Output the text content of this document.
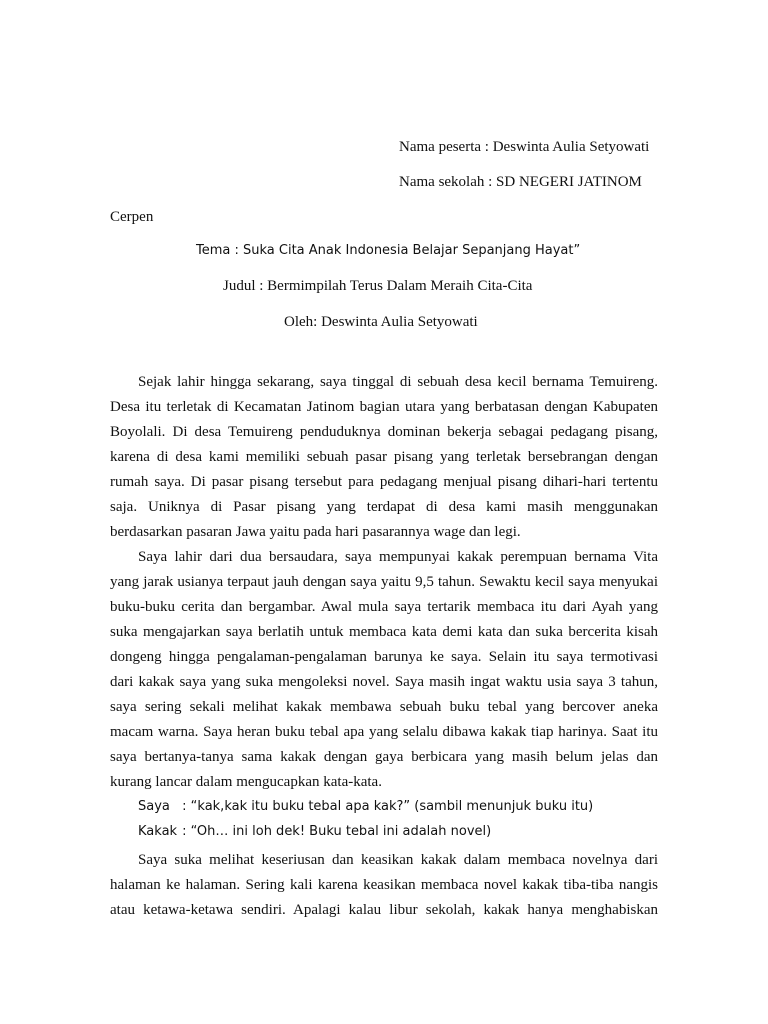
Nama peserta : Deswinta Aulia Setyowati
Nama sekolah : SD NEGERI JATINOM
Cerpen
Tema : Suka Cita Anak Indonesia Belajar Sepanjang Hayat”
Judul : Bermimpilah Terus Dalam Meraih Cita-Cita
Oleh: Deswinta Aulia Setyowati
Sejak lahir hingga sekarang, saya tinggal di sebuah desa kecil bernama Temuireng.
Desa itu terletak di Kecamatan Jatinom bagian utara yang berbatasan dengan Kabupaten
Boyolali. Di desa Temuireng penduduknya dominan bekerja sebagai pedagang pisang,
karena di desa kami memiliki sebuah pasar pisang yang terletak bersebrangan dengan
rumah saya. Di pasar pisang tersebut para pedagang menjual pisang dihari-hari tertentu
saja. Uniknya di Pasar pisang yang terdapat di desa kami masih menggunakan
berdasarkan pasaran Jawa yaitu pada hari pasarannya wage dan legi.
Saya lahir dari dua bersaudara, saya mempunyai kakak perempuan bernama Vita
yang jarak usianya terpaut jauh dengan saya yaitu 9,5 tahun. Sewaktu kecil saya menyukai
buku-buku cerita dan bergambar. Awal mula saya tertarik membaca itu dari Ayah yang
suka mengajarkan saya berlatih untuk membaca kata demi kata dan suka bercerita kisah
dongeng hingga pengalaman-pengalaman barunya ke saya. Selain itu saya termotivasi
dari kakak saya yang suka mengoleksi novel. Saya masih ingat waktu usia saya 3 tahun,
saya sering sekali melihat kakak membawa sebuah buku tebal yang bercover aneka
macam warna. Saya heran buku tebal apa yang selalu dibawa kakak tiap harinya. Saat itu
saya bertanya-tanya sama kakak dengan gaya berbicara yang masih belum jelas dan
kurang lancar dalam mengucapkan kata-kata.
Saya : “kak,kak itu buku tebal apa kak?” (sambil menunjuk buku itu)
Kakak : “Oh… ini loh dek! Buku tebal ini adalah novel)
Saya suka melihat keseriusan dan keasikan kakak dalam membaca novelnya dari
halaman ke halaman. Sering kali karena keasikan membaca novel kakak tiba-tiba nangis
atau ketawa-ketawa sendiri. Apalagi kalau libur sekolah, kakak hanya menghabiskan
